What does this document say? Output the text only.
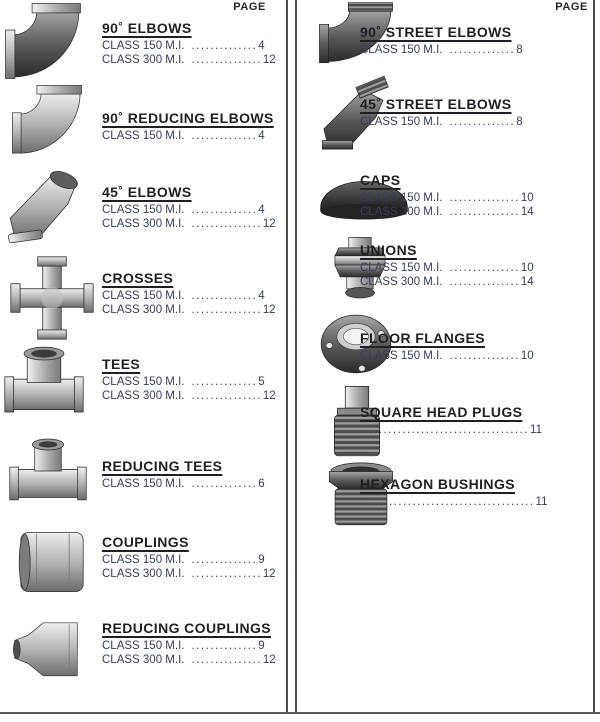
PAGE	PAGE
90˚ ELBOWS
CLASS 150 M.I. ..............4
CLASS 300 M.I. ...............12
90˚ REDUCING ELBOWS
CLASS 150 M.I. ..............4
45˚ ELBOWS
CLASS 150 M.I. ..............4
CLASS 300 M.I. ...............12
CROSSES
CLASS 150 M.I. ..............4
CLASS 300 M.I. ...............12
TEES
CLASS 150 M.I. ..............5
CLASS 300 M.I. ...............12
REDUCING TEES
CLASS 150 M.I. ..............6
COUPLINGS
CLASS 150 M.I. ..............9
CLASS 300 M.I. ...............12
REDUCING COUPLINGS
CLASS 150 M.I. ..............9
CLASS 300 M.I. ...............12
90˚ STREET ELBOWS
CLASS 150 M.I. ..............8
45˚ STREET ELBOWS
CLASS 150 M.I. ..............8
CAPS
CLASS 150 M.I. ...............10
CLASS 300 M.I. ...............14
UNIONS
CLASS 150 M.I. ...............10
CLASS 300 M.I. ...............14
FLOOR FLANGES
CLASS 150 M.I. ...............10
SQUARE HEAD PLUGS
....................................11
HEXAGON BUSHINGS
. ...................................11
